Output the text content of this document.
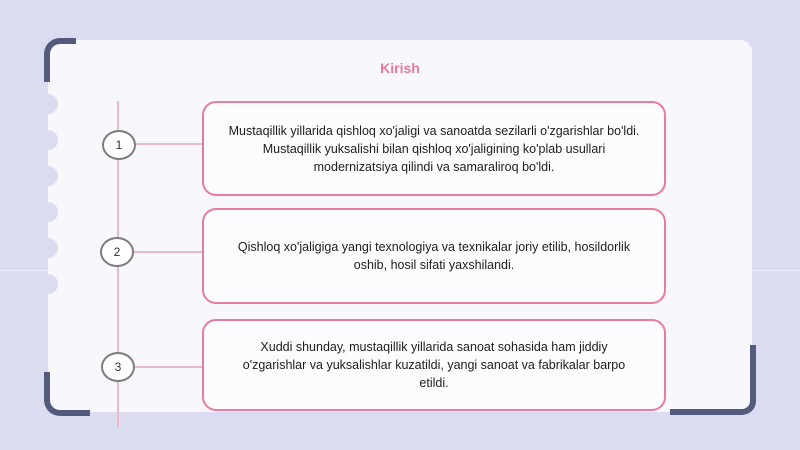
Kirish
1
2
3

Mustaqillik yillarida qishloq xo'jaligi va sanoatda sezilarli o'zgarishlar bo'ldi. Mustaqillik yuksalishi bilan qishloq xo'jaligining ko'plab usullari modernizatsiya qilindi va samaraliroq bo'ldi.

Qishloq xo'jaligiga yangi texnologiya va texnikalar joriy etilib, hosildorlik oshib, hosil sifati yaxshilandi.

Xuddi shunday, mustaqillik yillarida sanoat sohasida ham jiddiy o'zgarishlar va yuksalishlar kuzatildi, yangi sanoat va fabrikalar barpo etildi.
